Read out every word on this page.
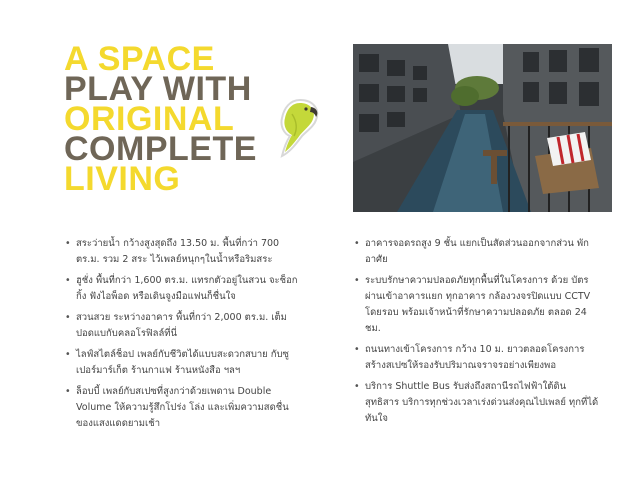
A SPACE
PLAY WITH
ORIGINAL
COMPLETE
LIVING
• สระว่ายน้ำ กว้างสูงสุดถึง 13.50 ม. พื้นที่กว่า 700 ตร.ม. รวม 2 สระ ไว้เพลย์หนุกๆในน้ำหรือริมสระ
• ฮูชั่ง พื้นที่กว่า 1,600 ตร.ม. แทรกตัวอยู่ในสวน จะช็อกกิ้ง ฟังไอพ็อด หรือเดินจูงมือแฟนก็ชื่นใจ
• สวนสวย ระหว่างอาคาร พื้นที่กว่า 2,000 ตร.ม. เต็มปอดแบกับคลอโรฟิลล์ที่นี่
• ไลฟ์สไตล์ช็อป เพลย์กับชีวิตได้แบบสะดวกสบาย กับซูเปอร์มาร์เก็ต ร้านกาแฟ ร้านหนังสือ ฯลฯ
• ล็อบบี้ เพลย์กับสเปซที่สูงกว่าด้วยเพดาน Double Volume ให้ความรู้สึกโปร่ง โล่ง และเพิ่มความสดชื่น ของแสงแดดยามเช้า
• อาคารจอดรถสูง 9 ชั้น แยกเป็นสัดส่วนออกจากส่วน พักอาศัย
• ระบบรักษาความปลอดภัยทุกพื้นที่ในโครงการ ด้วย บัตรผ่านเข้าอาคารแยก ทุกอาคาร กล้องวงจรปิดแบบ CCTV โดยรอบ พร้อมเจ้าหน้าที่รักษาความปลอดภัย ตลอด 24 ชม.
• ถนนทางเข้าโครงการ กว้าง 10 ม. ยาวตลอดโครงการ สร้างสเปซให้รองรับปริมาณจราจรอย่างเพียงพอ
• บริการ Shuttle Bus รับส่งถึงสถานีรถไฟฟ้าใต้ดิน สุทธิสาร บริการทุกช่วงเวลาเร่งด่วนส่งคุณไปเพลย์ ทุกที่ได้ทันใจ
